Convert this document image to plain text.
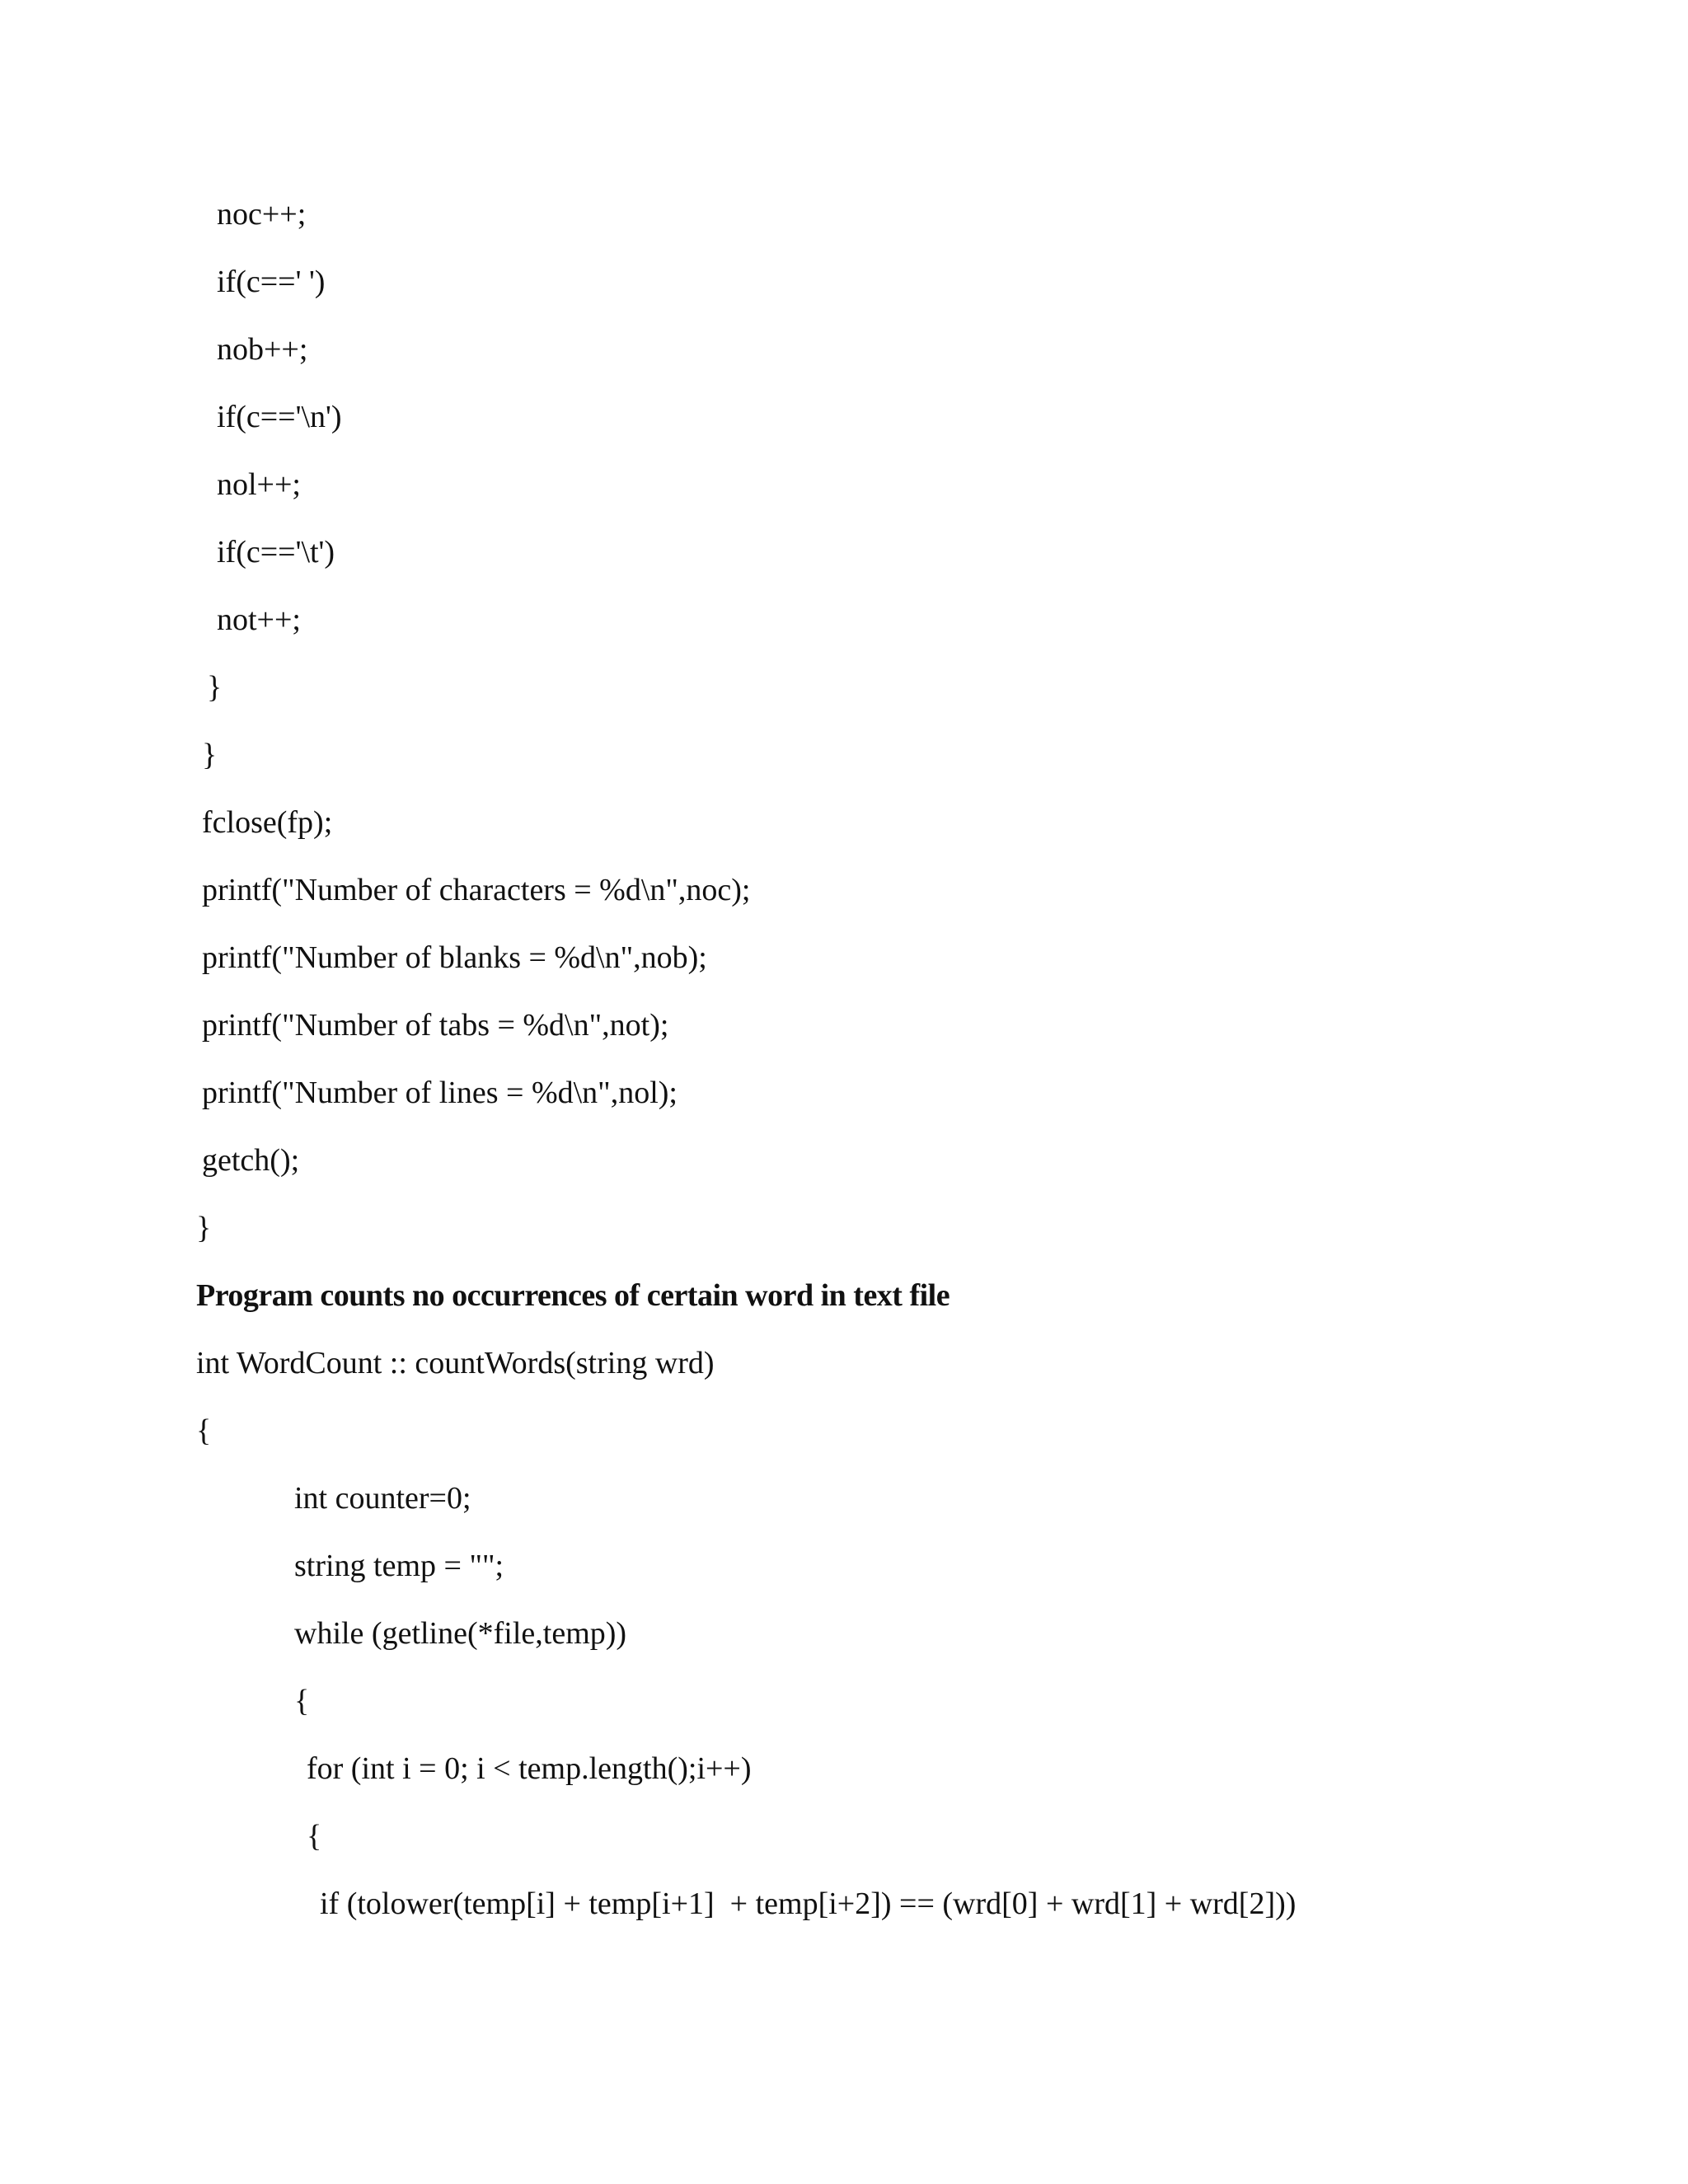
noc++;
if(c==' ')
nob++;
if(c=='\n')
nol++;
if(c=='\t')
not++;
}
}
fclose(fp);
printf("Number of characters = %d\n",noc);
printf("Number of blanks = %d\n",nob);
printf("Number of tabs = %d\n",not);
printf("Number of lines = %d\n",nol);
getch();
}
Program counts no occurrences of certain word in text file
int WordCount :: countWords(string wrd)
{
int counter=0;
string temp = "";
while (getline(*file,temp))
{
for (int i = 0; i < temp.length();i++)
{
if (tolower(temp[i] + temp[i+1]  + temp[i+2]) == (wrd[0] + wrd[1] + wrd[2]))
